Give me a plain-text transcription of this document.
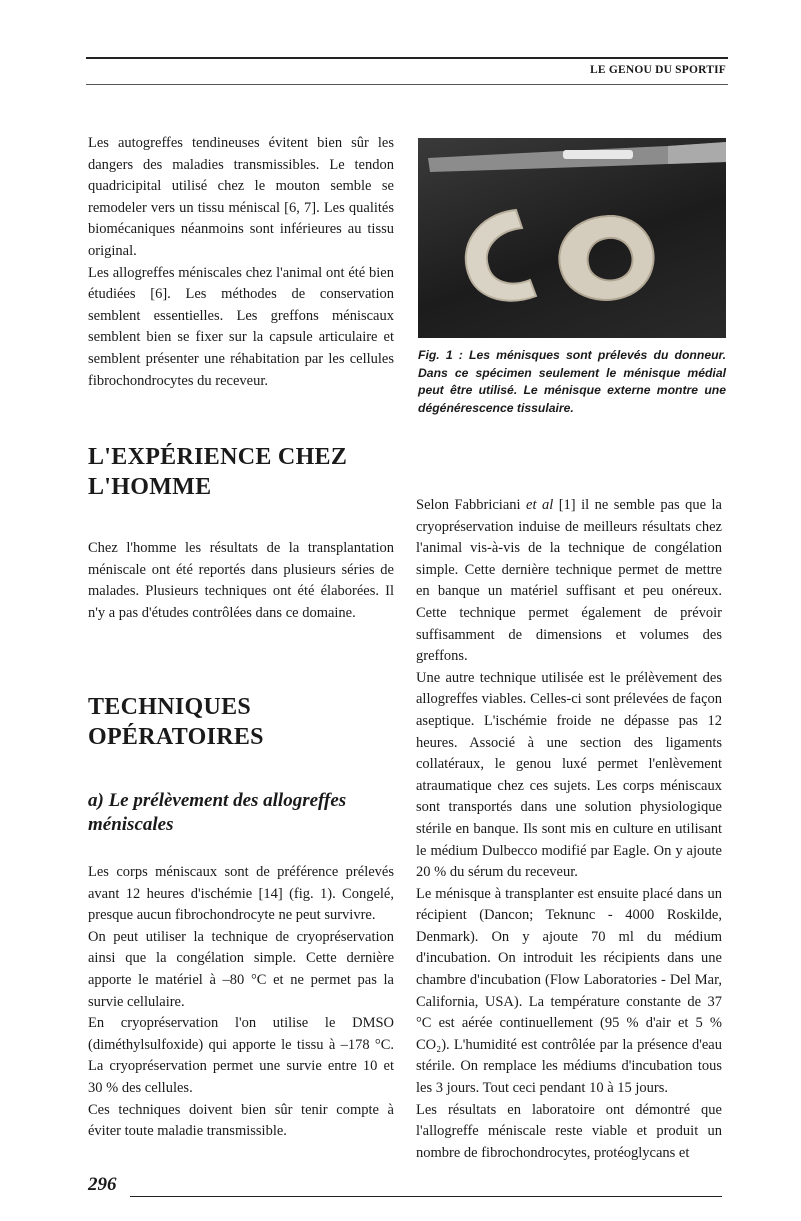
LE GENOU DU SPORTIF

Les autogreffes tendineuses évitent bien sûr les dangers des maladies transmissibles. Le tendon quadricipital utilisé chez le mouton semble se remodeler vers un tissu méniscal [6, 7]. Les qualités biomécaniques néanmoins sont inférieures au tissu original.

Les allogreffes méniscales chez l'animal ont été bien étudiées [6]. Les méthodes de conservation semblent essentielles. Les greffons méniscaux semblent bien se fixer sur la capsule articulaire et semblent présenter une réhabitation par les cellules fibrochondrocytes du receveur.

L'EXPÉRIENCE CHEZ L'HOMME

Chez l'homme les résultats de la transplantation méniscale ont été reportés dans plusieurs séries de malades. Plusieurs techniques ont été élaborées. Il n'y a pas d'études contrôlées dans ce domaine.

TECHNIQUES OPÉRATOIRES
a) Le prélèvement des allogreffes méniscales

Les corps méniscaux sont de préférence prélevés avant 12 heures d'ischémie [14] (fig. 1). Congelé, presque aucun fibrochondrocyte ne peut survivre.

On peut utiliser la technique de cryopréservation ainsi que la congélation simple. Cette dernière apporte le matériel à –80 °C et ne permet pas la survie cellulaire.

En cryopréservation l'on utilise le DMSO (diméthylsulfoxide) qui apporte le tissu à –178 °C. La cryopréservation permet une survie entre 10 et 30 % des cellules.

Ces techniques doivent bien sûr tenir compte à éviter toute maladie transmissible.

Fig. 1 : Les ménisques sont prélevés du donneur. Dans ce spécimen seulement le ménisque médial peut être utilisé. Le ménisque externe montre une dégénérescence tissulaire.

Selon Fabbriciani et al [1] il ne semble pas que la cryopréservation induise de meilleurs résultats chez l'animal vis-à-vis de la technique de congélation simple. Cette dernière technique permet de mettre en banque un matériel suffisant et peu onéreux. Cette technique permet également de prévoir suffisamment de dimensions et volumes des greffons.

Une autre technique utilisée est le prélèvement des allogreffes viables. Celles-ci sont prélevées de façon aseptique. L'ischémie froide ne dépasse pas 12 heures. Associé à une section des ligaments collatéraux, le genou luxé permet l'enlèvement atraumatique chez ces sujets. Les corps méniscaux sont transportés dans une solution physiologique stérile en banque. Ils sont mis en culture en utilisant le médium Dulbecco modifié par Eagle. On y ajoute 20 % du sérum du receveur.

Le ménisque à transplanter est ensuite placé dans un récipient (Dancon; Teknunc - 4000 Roskilde, Denmark). On y ajoute 70 ml du médium d'incubation. On introduit les récipients dans une chambre d'incubation (Flow Laboratories - Del Mar, California, USA). La température constante de 37 °C est aérée continuellement (95 % d'air et 5 % CO₂). L'humidité est contrôlée par la présence d'eau stérile. On remplace les médiums d'incubation tous les 3 jours. Tout ceci pendant 10 à 15 jours.

Les résultats en laboratoire ont démontré que l'allogreffe méniscale reste viable et produit un nombre de fibrochondrocytes, protéoglycans et

296
